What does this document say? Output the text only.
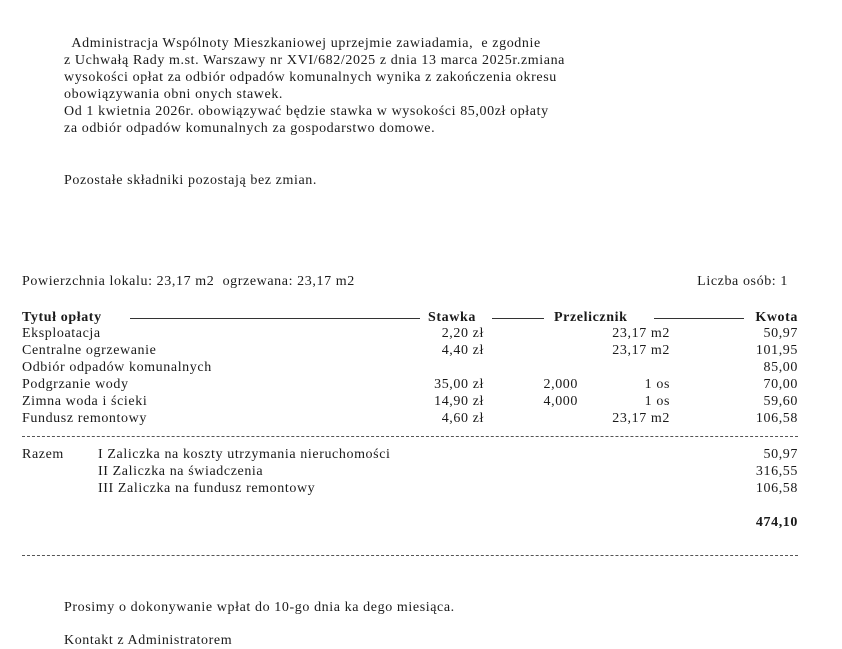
Administracja Wspólnoty Mieszkaniowej uprzejmie zawiadamia,  e zgodnie
z Uchwałą Rady m.st. Warszawy nr XVI/682/2025 z dnia 13 marca 2025r.zmiana
wysokości opłat za odbiór odpadów komunalnych wynika z zakończenia okresu
obowiązywania obni onych stawek.
Od 1 kwietnia 2026r. obowiązywać będzie stawka w wysokości 85,00zł opłaty
za odbiór odpadów komunalnych za gospodarstwo domowe.
Pozostałe składniki pozostają bez zmian.
Powierzchnia lokalu: 23,17 m2  ogrzewana: 23,17 m2	Liczba osób: 1
Tytuł opłaty	Stawka	Przelicznik	Kwota
Eksploatacja	2,20 zł	23,17 m2	50,97
Centralne ogrzewanie	4,40 zł	23,17 m2	101,95
Odbiór odpadów komunalnych	85,00
Podgrzanie wody	35,00 zł	2,000	1 os	70,00
Zimna woda i ścieki	14,90 zł	4,000	1 os	59,60
Fundusz remontowy	4,60 zł	23,17 m2	106,58
Razem I Zaliczka na koszty utrzymania nieruchomości	50,97
II Zaliczka na świadczenia	316,55
III Zaliczka na fundusz remontowy	106,58
474,10
Prosimy o dokonywanie wpłat do 10-go dnia ka dego miesiąca.
Kontakt z Administratorem
